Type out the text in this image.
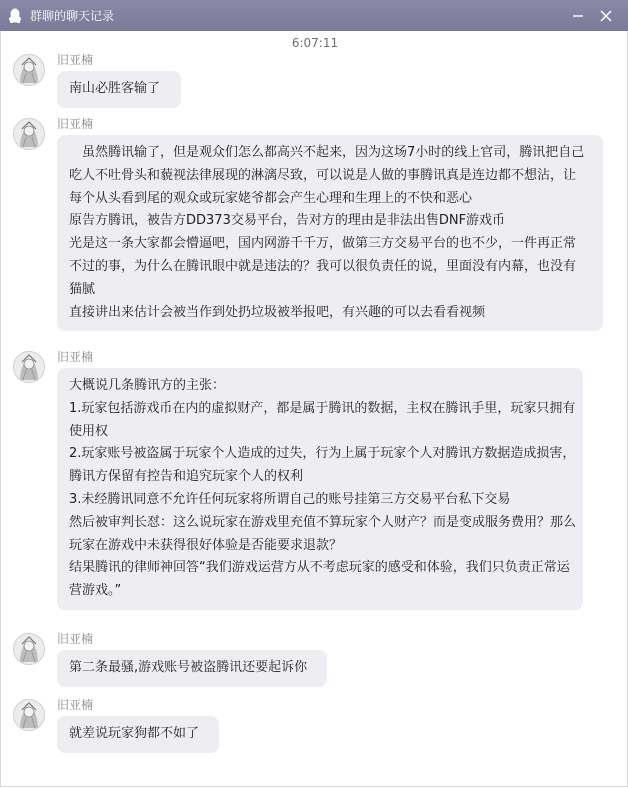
群聊的聊天记录
6:07:11
旧亚楠

南山必胜客输了

旧亚楠

　虽然腾讯输了，但是观众们怎么都高兴不起来，因为这场7小时的线上官司，腾讯把自己

吃人不吐骨头和藐视法律展现的淋漓尽致，可以说是人做的事腾讯真是连边都不想沾，让

每个从头看到尾的观众或玩家姥爷都会产生心理和生理上的不快和恶心

原告方腾讯，被告方DD373交易平台，告对方的理由是非法出售DNF游戏币

光是这一条大家都会懵逼吧，国内网游千千万，做第三方交易平台的也不少，一件再正常

不过的事，为什么在腾讯眼中就是违法的？我可以很负责任的说，里面没有内幕，也没有

猫腻

直接讲出来估计会被当作到处扔垃圾被举报吧，有兴趣的可以去看看视频

旧亚楠

大概说几条腾讯方的主张：

1.玩家包括游戏币在内的虚拟财产，都是属于腾讯的数据，主权在腾讯手里，玩家只拥有

使用权

2.玩家账号被盗属于玩家个人造成的过失，行为上属于玩家个人对腾讯方数据造成损害，

腾讯方保留有控告和追究玩家个人的权利

3.未经腾讯同意不允许任何玩家将所谓自己的账号挂第三方交易平台私下交易

然后被审判长怼：这么说玩家在游戏里充值不算玩家个人财产？而是变成服务费用？那么

玩家在游戏中未获得很好体验是否能要求退款？

结果腾讯的律师神回答“我们游戏运营方从不考虑玩家的感受和体验，我们只负责正常运

营游戏。”

旧亚楠

第二条最骚,游戏账号被盗腾讯还要起诉你

旧亚楠

就差说玩家狗都不如了
